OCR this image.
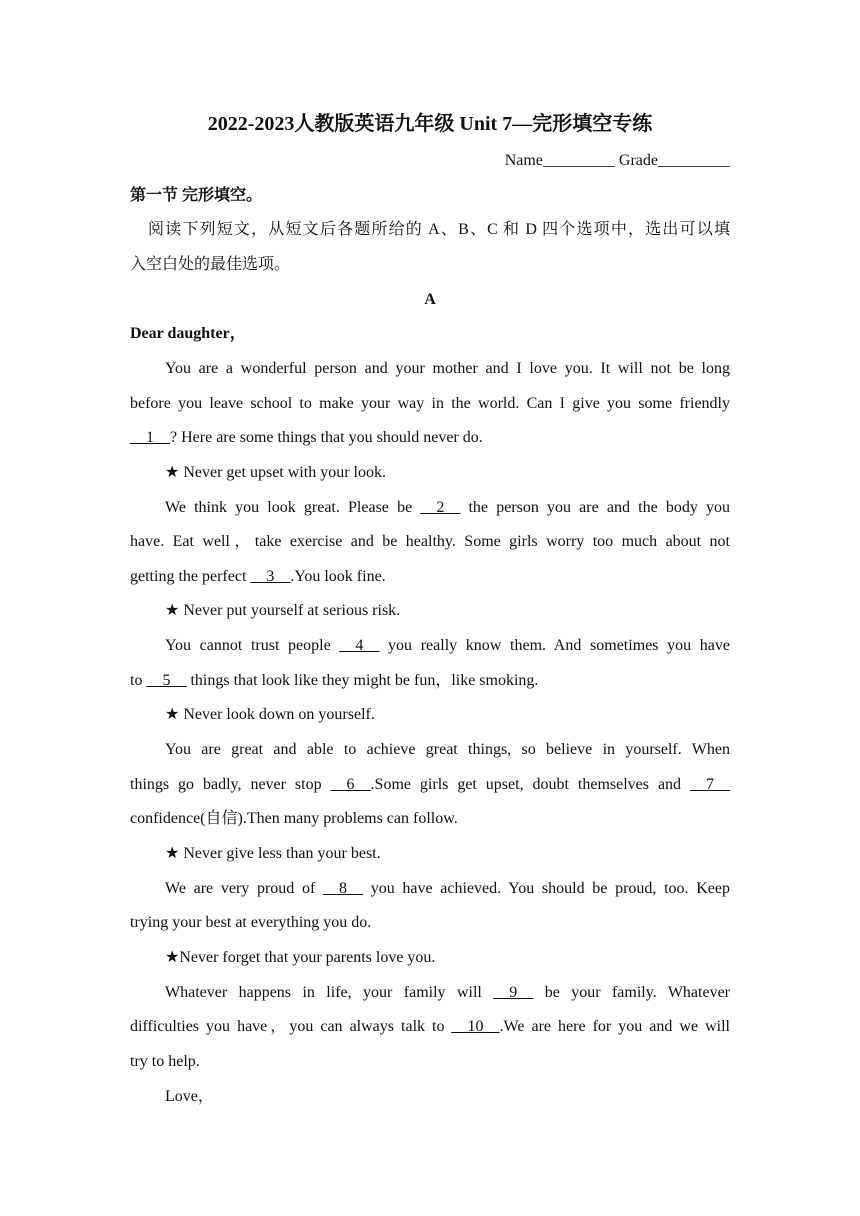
2022-2023人教版英语九年级 Unit 7—完形填空专练
Name_________ Grade_________
第一节 完形填空。
阅读下列短文，从短文后各题所给的 A、B、C 和 D 四个选项中，选出可以填
入空白处的最佳选项。
A
Dear daughter，
You are a wonderful person and your mother and I love you. It will not be long
before you leave school to make your way in the world. Can I give you some friendly
__1__? Here are some things that you should never do.
★ Never get upset with your look.
We think you look great. Please be __2__ the person you are and the body you
have. Eat well，take exercise and be healthy. Some girls worry too much about not
getting the perfect __3__.You look fine.
★ Never put yourself at serious risk.
You cannot trust people __4__ you really know them. And sometimes you have
to __5__ things that look like they might be fun，like smoking.
★ Never look down on yourself.
You are great and able to achieve great things, so believe in yourself. When
things go badly, never stop __6__.Some girls get upset, doubt themselves and __7__
confidence(自信).Then many problems can follow.
★ Never give less than your best.
We are very proud of __8__ you have achieved. You should be proud, too. Keep
trying your best at everything you do.
★Never forget that your parents love you.
Whatever happens in life, your family will __9__ be your family. Whatever
difficulties you have，you can always talk to __10__.We are here for you and we will
try to help.
Love，
